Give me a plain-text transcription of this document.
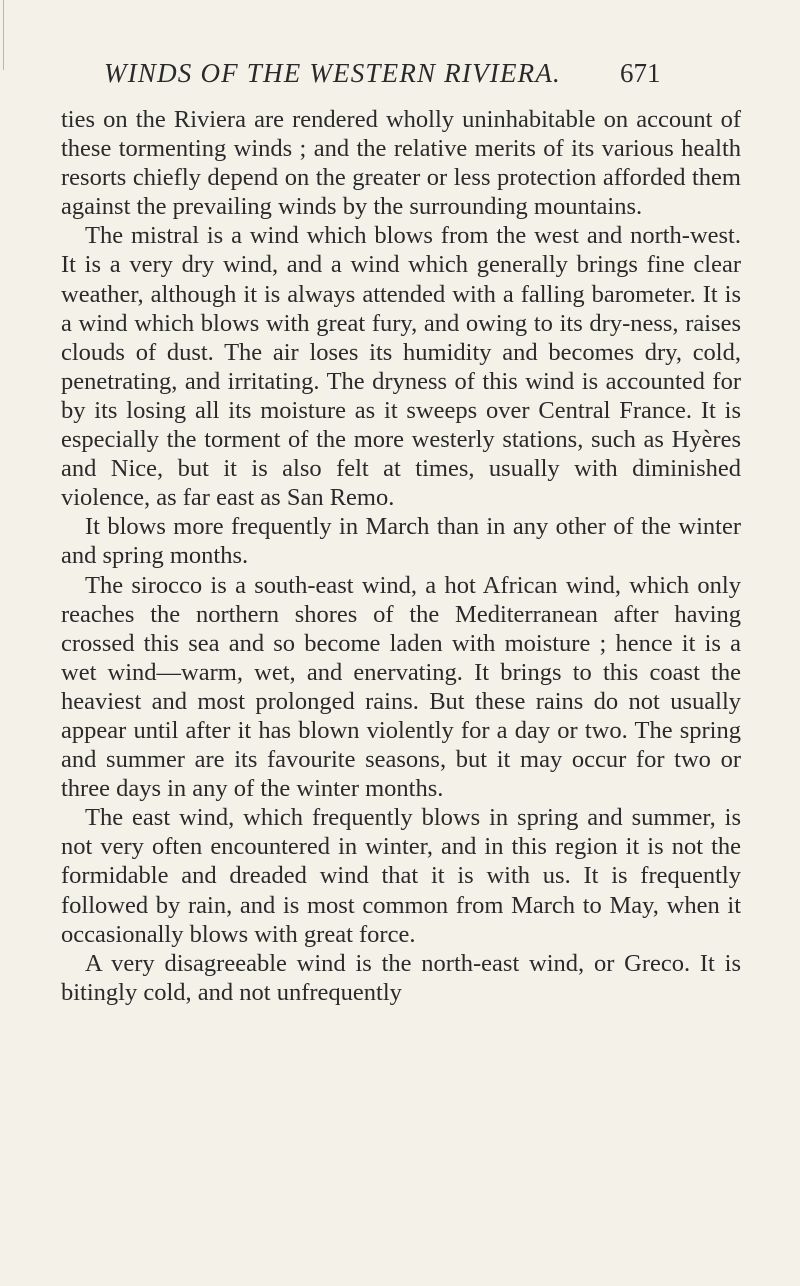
WINDS OF THE WESTERN RIVIERA. 671

ties on the Riviera are rendered wholly uninhabitable on account of these tormenting winds ; and the relative merits of its various health resorts chiefly depend on the greater or less protection afforded them against the prevailing winds by the surrounding mountains.

The mistral is a wind which blows from the west and north-west. It is a very dry wind, and a wind which generally brings fine clear weather, although it is always attended with a falling barometer. It is a wind which blows with great fury, and owing to its dry-ness, raises clouds of dust. The air loses its humidity and becomes dry, cold, penetrating, and irritating. The dryness of this wind is accounted for by its losing all its moisture as it sweeps over Central France. It is especially the torment of the more westerly stations, such as Hyères and Nice, but it is also felt at times, usually with diminished violence, as far east as San Remo.

It blows more frequently in March than in any other of the winter and spring months.

The sirocco is a south-east wind, a hot African wind, which only reaches the northern shores of the Mediterranean after having crossed this sea and so become laden with moisture ; hence it is a wet wind—warm, wet, and enervating. It brings to this coast the heaviest and most prolonged rains. But these rains do not usually appear until after it has blown violently for a day or two. The spring and summer are its favourite seasons, but it may occur for two or three days in any of the winter months.

The east wind, which frequently blows in spring and summer, is not very often encountered in winter, and in this region it is not the formidable and dreaded wind that it is with us. It is frequently followed by rain, and is most common from March to May, when it occasionally blows with great force.

A very disagreeable wind is the north-east wind, or Greco. It is bitingly cold, and not unfrequently
